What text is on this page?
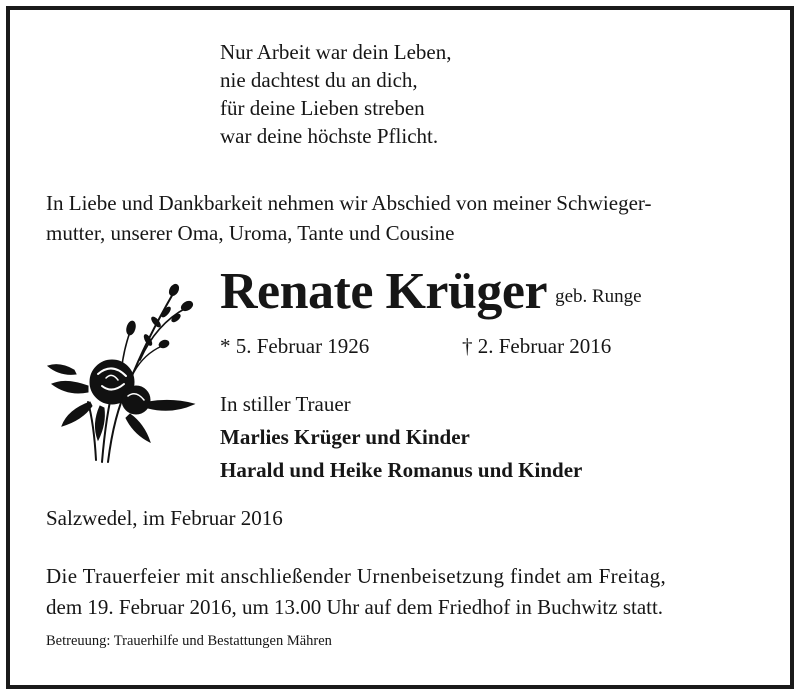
Nur Arbeit war dein Leben,
nie dachtest du an dich,
für deine Lieben streben
war deine höchste Pflicht.
In Liebe und Dankbarkeit nehmen wir Abschied von meiner Schwieger-
mutter, unserer Oma, Uroma, Tante und Cousine
Renate Krüger geb. Runge
* 5. Februar 1926	† 2. Februar 2016
In stiller Trauer
Marlies Krüger und Kinder
Harald und Heike Romanus und Kinder
Salzwedel, im Februar 2016
Die Trauerfeier mit anschließender Urnenbeisetzung findet am Freitag,
dem 19. Februar 2016, um 13.00 Uhr auf dem Friedhof in Buchwitz statt.
Betreuung: Trauerhilfe und Bestattungen Mähren
